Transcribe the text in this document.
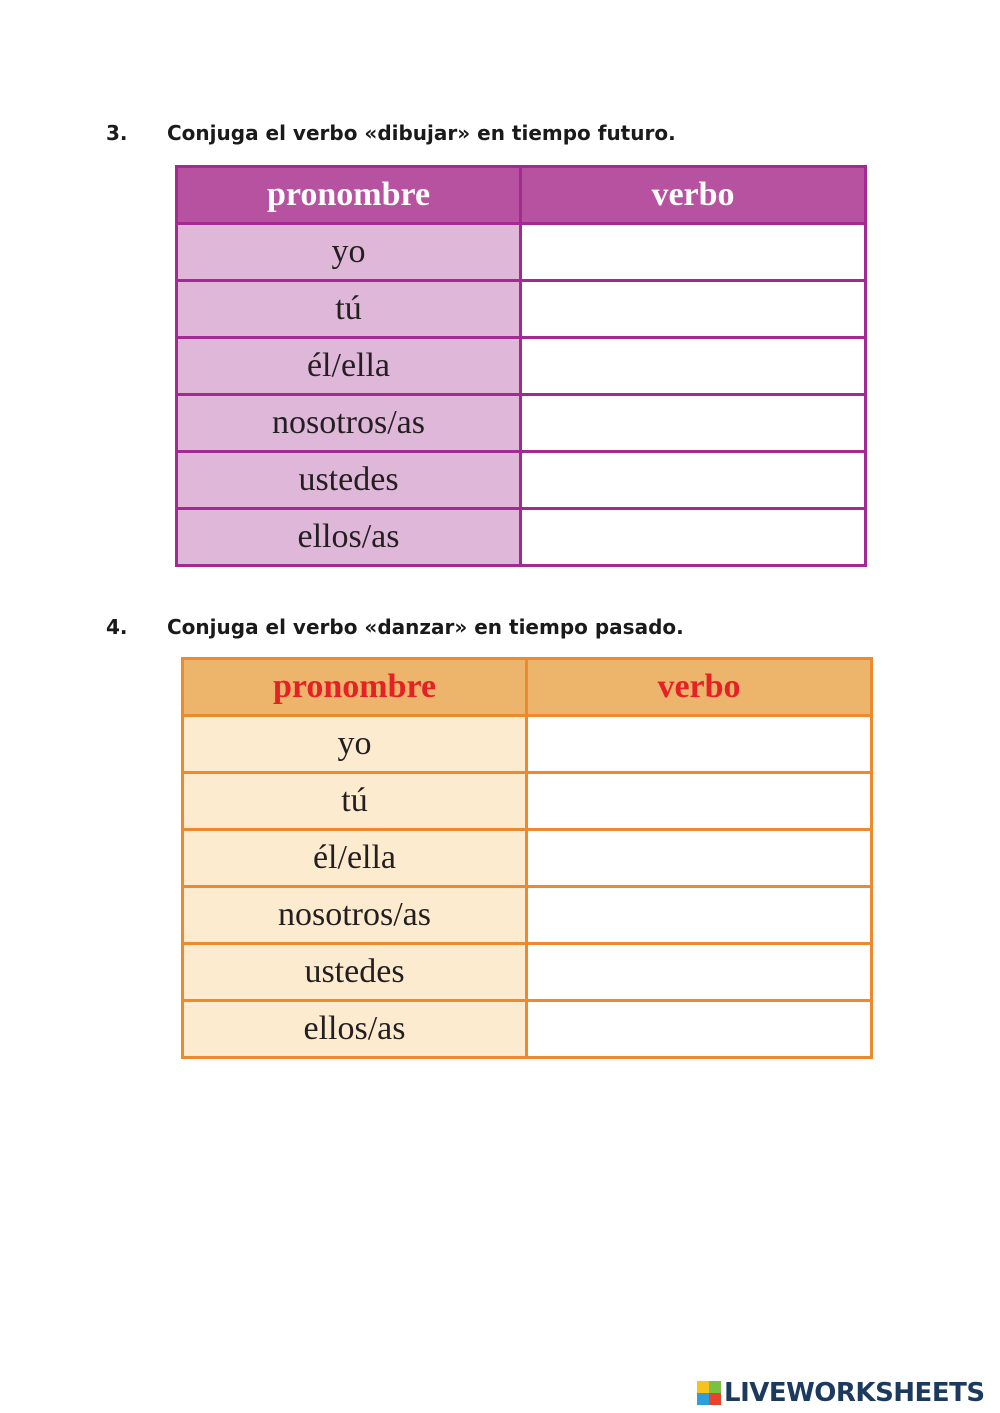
3. Conjuga el verbo «dibujar» en tiempo futuro.
pronombre	verbo
yo	
tú	
él/ella	
nosotros/as	
ustedes	
ellos/as	
4. Conjuga el verbo «danzar» en tiempo pasado.
pronombre	verbo
yo	
tú	
él/ella	
nosotros/as	
ustedes	
ellos/as	
LIVEWORKSHEETS
